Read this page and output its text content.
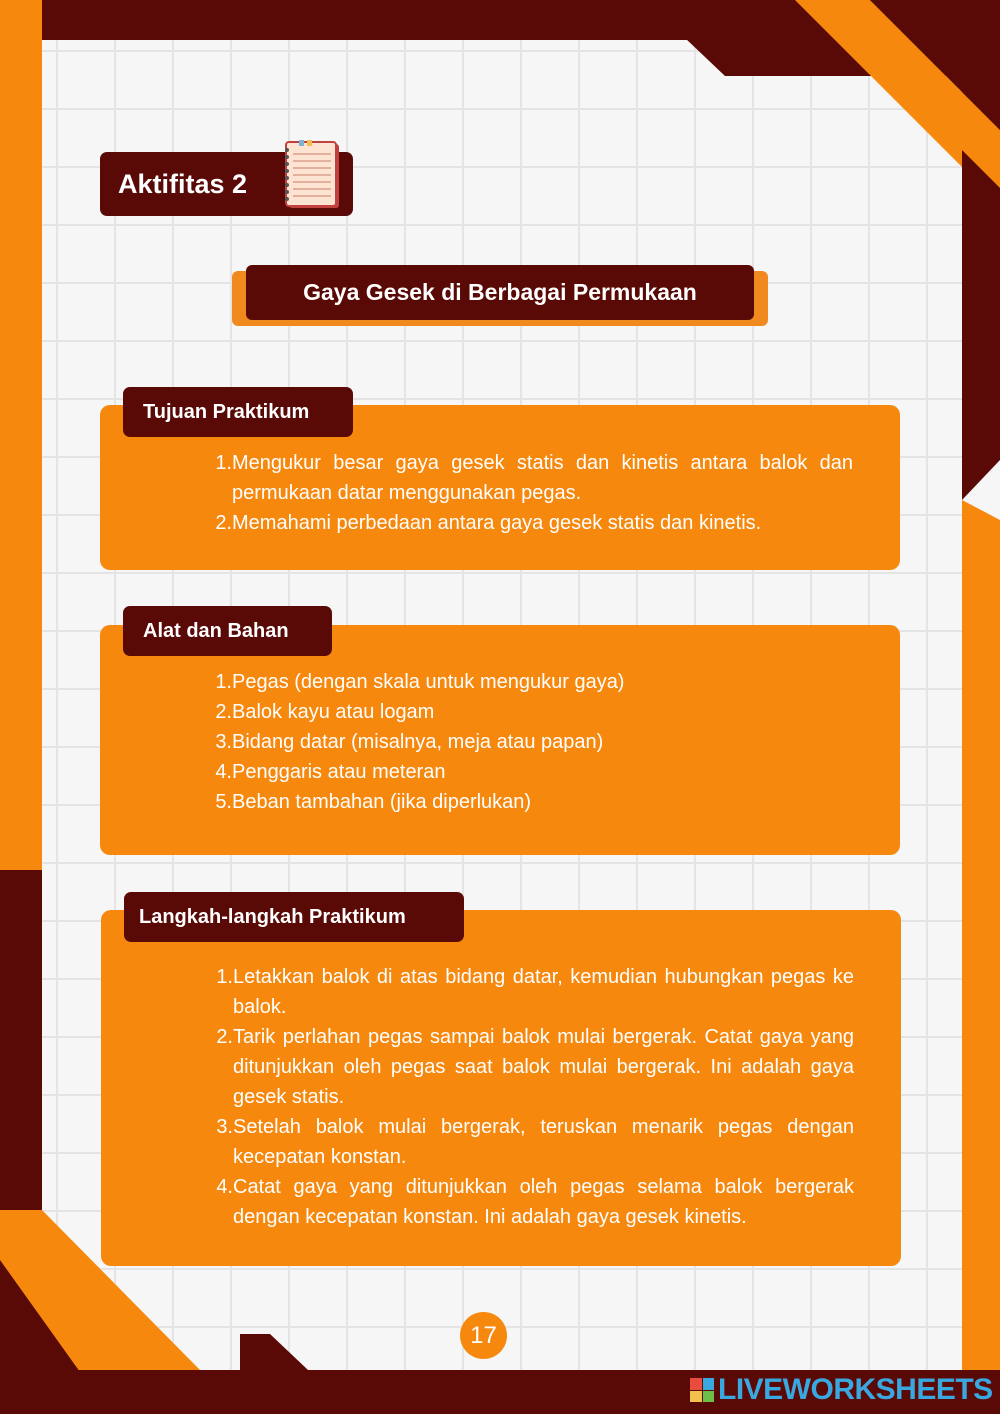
Aktifitas 2
Gaya Gesek di Berbagai Permukaan
1. Mengukur besar gaya gesek statis dan kinetis antara balok dan permukaan datar menggunakan pegas.
2. Memahami perbedaan antara gaya gesek statis dan kinetis.
Tujuan Praktikum
1. Pegas (dengan skala untuk mengukur gaya)
2. Balok kayu atau logam
3. Bidang datar (misalnya, meja atau papan)
4. Penggaris atau meteran
5. Beban tambahan (jika diperlukan)
Alat dan Bahan
1. Letakkan balok di atas bidang datar, kemudian hubungkan pegas ke balok.
2. Tarik perlahan pegas sampai balok mulai bergerak. Catat gaya yang ditunjukkan oleh pegas saat balok mulai bergerak. Ini adalah gaya gesek statis.
3. Setelah balok mulai bergerak, teruskan menarik pegas dengan kecepatan konstan.
4. Catat gaya yang ditunjukkan oleh pegas selama balok bergerak dengan kecepatan konstan. Ini adalah gaya gesek kinetis.
Langkah-langkah Praktikum
17
LIVEWORKSHEETS
